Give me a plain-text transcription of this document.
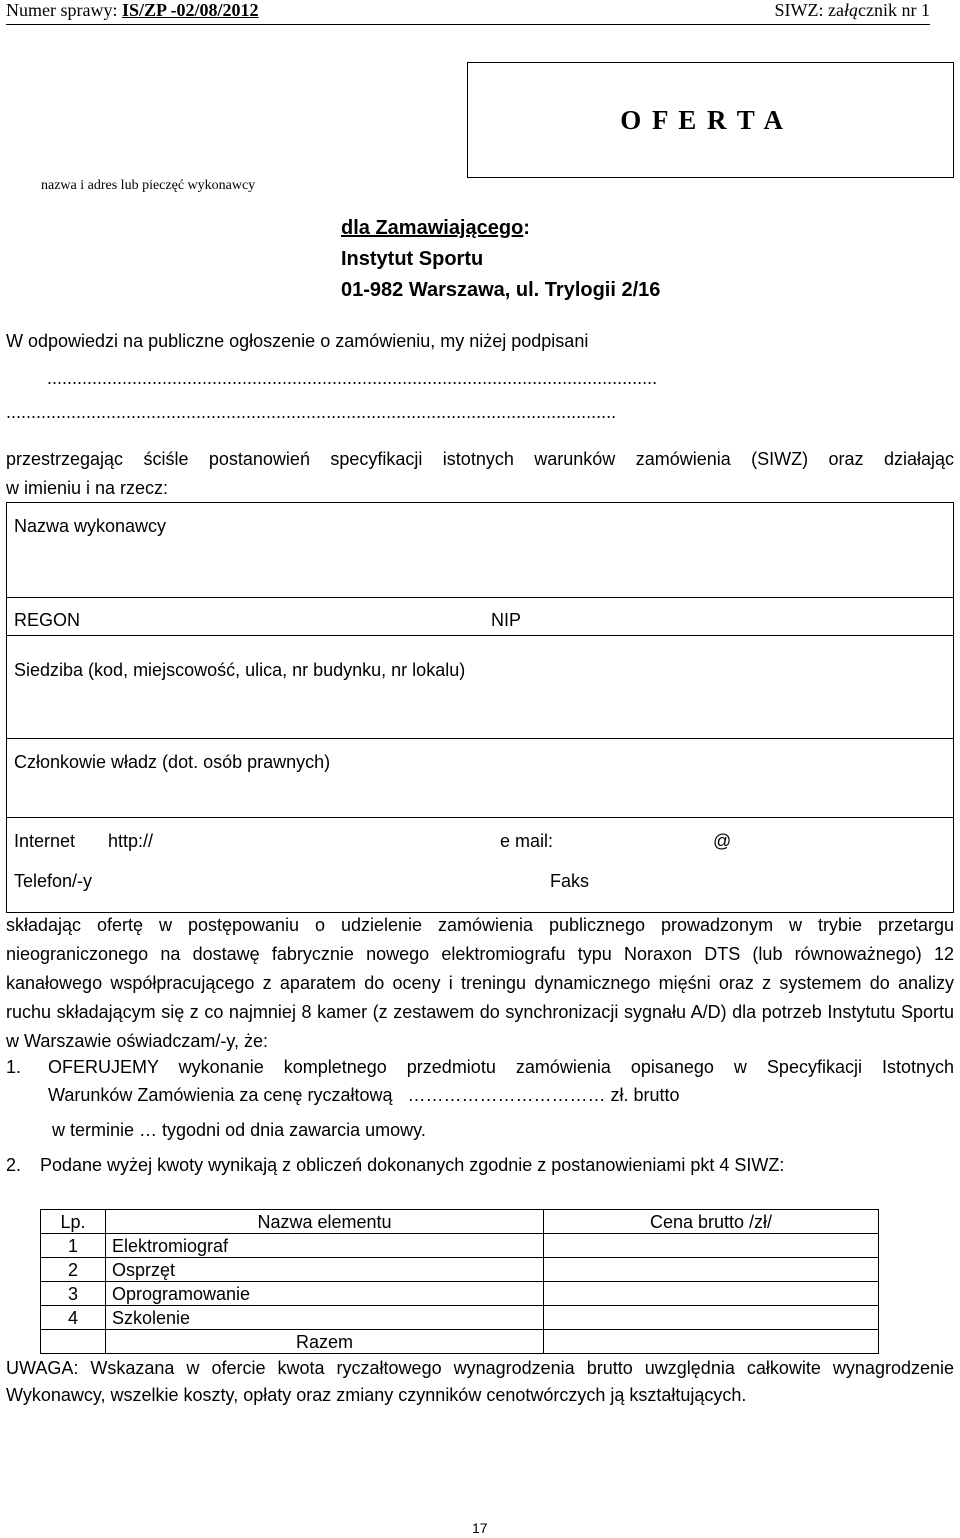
Numer sprawy: IS/ZP -02/08/2012	SIWZ: załącznik nr 1
O F E R T A
nazwa i adres lub pieczęć wykonawcy
dla Zamawiającego:
Instytut Sportu
01-982 Warszawa, ul. Trylogii 2/16
W odpowiedzi na publiczne ogłoszenie o zamówieniu, my niżej podpisani
..........................................................................................................................
..........................................................................................................................
przestrzegając ściśle postanowień specyfikacji istotnych warunków zamówienia (SIWZ) oraz działając
w imieniu i na rzecz:
Nazwa wykonawcy
REGON	NIP
Siedziba (kod, miejscowość, ulica, nr budynku, nr lokalu)
Członkowie władz (dot. osób prawnych)
Internet http://	e mail:	@
Telefon/-y	Faks
składając ofertę w postępowaniu o udzielenie zamówienia publicznego prowadzonym w trybie przetargu nieograniczonego na dostawę fabrycznie nowego elektromiografu typu Noraxon DTS (lub równoważnego) 12 kanałowego współpracującego z aparatem do oceny i treningu dynamicznego mięśni oraz z systemem do analizy ruchu składającym się z co najmniej 8 kamer (z zestawem do synchronizacji sygnału A/D) dla potrzeb Instytutu Sportu w Warszawie oświadczam/-y, że:
1. OFERUJEMY wykonanie kompletnego przedmiotu zamówienia opisanego w Specyfikacji Istotnych
Warunków Zamówienia za cenę ryczałtową …………………………… zł. brutto
w terminie … tygodni od dnia zawarcia umowy.
2. Podane wyżej kwoty wynikają z obliczeń dokonanych zgodnie z postanowieniami pkt 4 SIWZ:
Lp.	Nazwa elementu	Cena brutto /zł/
1	Elektromiograf	
2	Osprzęt	
3	Oprogramowanie	
4	Szkolenie	
	Razem	
UWAGA: Wskazana w ofercie kwota ryczałtowego wynagrodzenia brutto uwzględnia całkowite wynagrodzenie Wykonawcy, wszelkie koszty, opłaty oraz zmiany czynników cenotwórczych ją kształtujących.
17
